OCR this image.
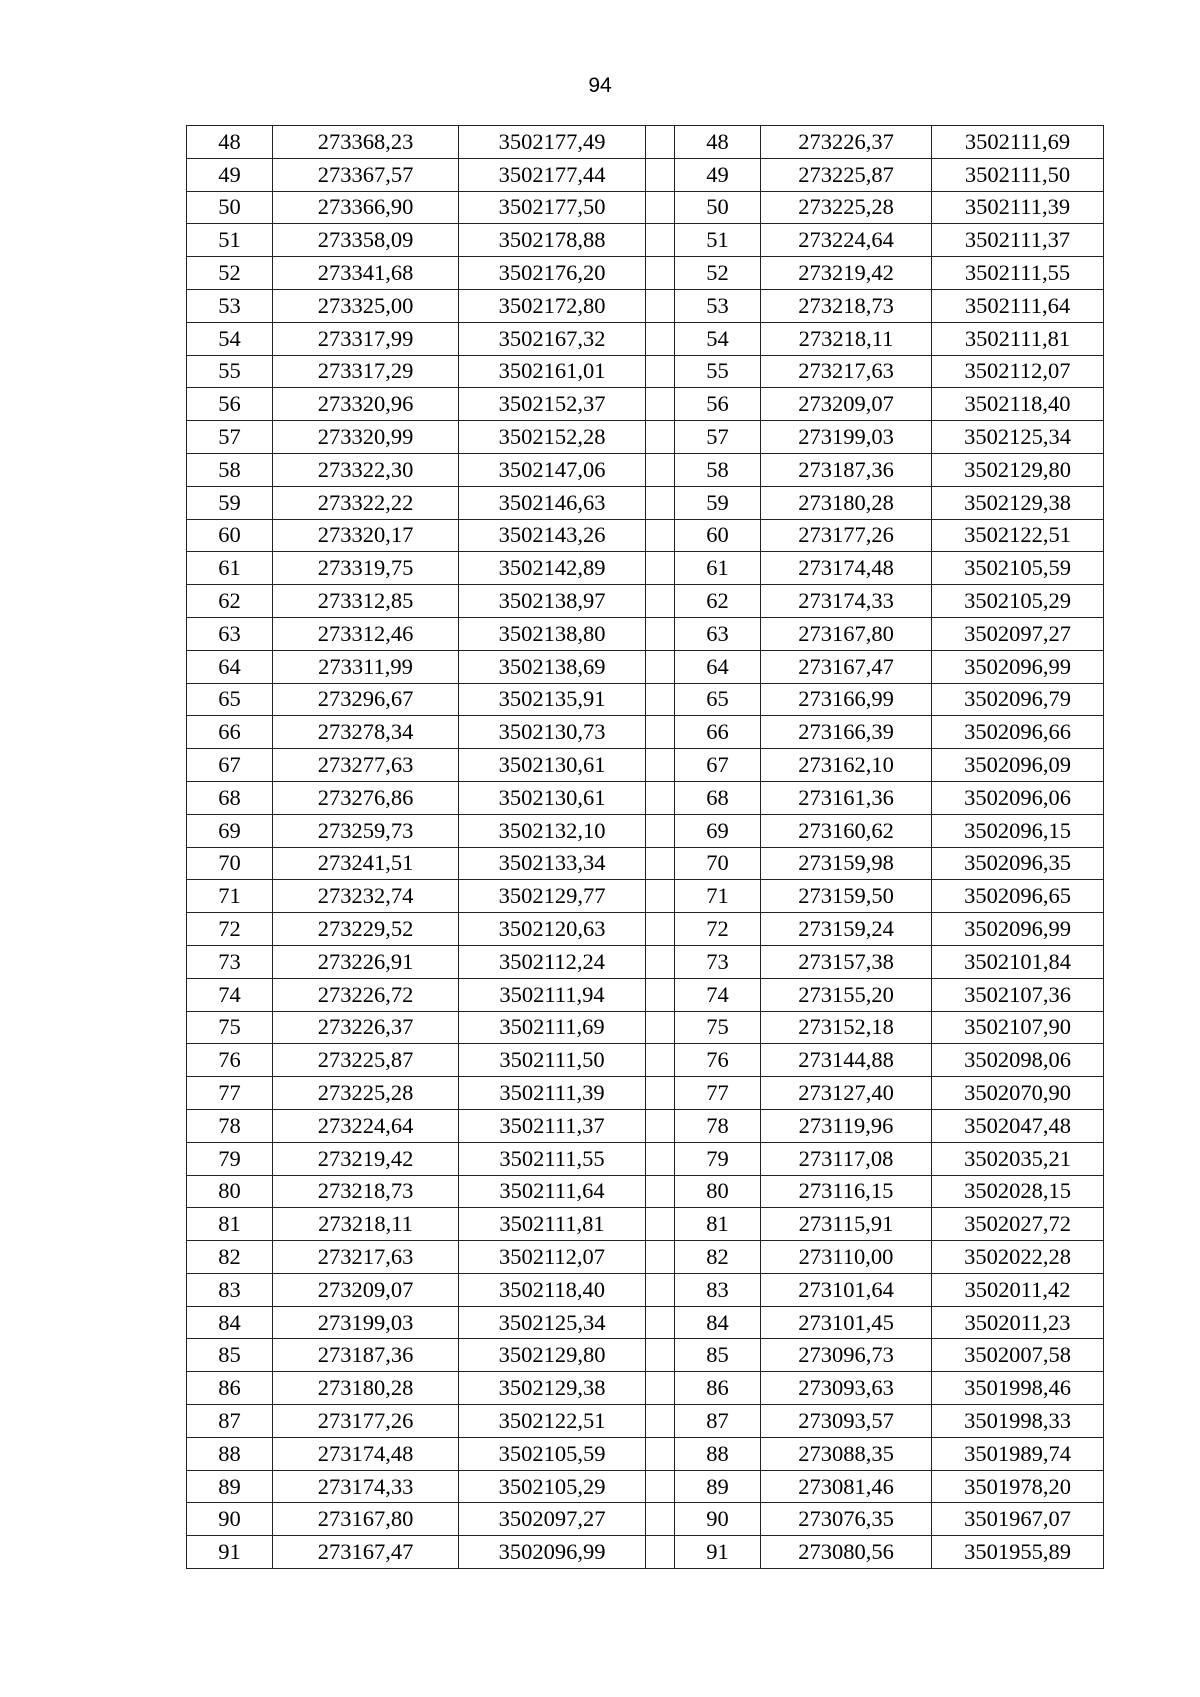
94
48	273368,23	3502177,49		48	273226,37	3502111,69
49	273367,57	3502177,44		49	273225,87	3502111,50
50	273366,90	3502177,50		50	273225,28	3502111,39
51	273358,09	3502178,88		51	273224,64	3502111,37
52	273341,68	3502176,20		52	273219,42	3502111,55
53	273325,00	3502172,80		53	273218,73	3502111,64
54	273317,99	3502167,32		54	273218,11	3502111,81
55	273317,29	3502161,01		55	273217,63	3502112,07
56	273320,96	3502152,37		56	273209,07	3502118,40
57	273320,99	3502152,28		57	273199,03	3502125,34
58	273322,30	3502147,06		58	273187,36	3502129,80
59	273322,22	3502146,63		59	273180,28	3502129,38
60	273320,17	3502143,26		60	273177,26	3502122,51
61	273319,75	3502142,89		61	273174,48	3502105,59
62	273312,85	3502138,97		62	273174,33	3502105,29
63	273312,46	3502138,80		63	273167,80	3502097,27
64	273311,99	3502138,69		64	273167,47	3502096,99
65	273296,67	3502135,91		65	273166,99	3502096,79
66	273278,34	3502130,73		66	273166,39	3502096,66
67	273277,63	3502130,61		67	273162,10	3502096,09
68	273276,86	3502130,61		68	273161,36	3502096,06
69	273259,73	3502132,10		69	273160,62	3502096,15
70	273241,51	3502133,34		70	273159,98	3502096,35
71	273232,74	3502129,77		71	273159,50	3502096,65
72	273229,52	3502120,63		72	273159,24	3502096,99
73	273226,91	3502112,24		73	273157,38	3502101,84
74	273226,72	3502111,94		74	273155,20	3502107,36
75	273226,37	3502111,69		75	273152,18	3502107,90
76	273225,87	3502111,50		76	273144,88	3502098,06
77	273225,28	3502111,39		77	273127,40	3502070,90
78	273224,64	3502111,37		78	273119,96	3502047,48
79	273219,42	3502111,55		79	273117,08	3502035,21
80	273218,73	3502111,64		80	273116,15	3502028,15
81	273218,11	3502111,81		81	273115,91	3502027,72
82	273217,63	3502112,07		82	273110,00	3502022,28
83	273209,07	3502118,40		83	273101,64	3502011,42
84	273199,03	3502125,34		84	273101,45	3502011,23
85	273187,36	3502129,80		85	273096,73	3502007,58
86	273180,28	3502129,38		86	273093,63	3501998,46
87	273177,26	3502122,51		87	273093,57	3501998,33
88	273174,48	3502105,59		88	273088,35	3501989,74
89	273174,33	3502105,29		89	273081,46	3501978,20
90	273167,80	3502097,27		90	273076,35	3501967,07
91	273167,47	3502096,99		91	273080,56	3501955,89
